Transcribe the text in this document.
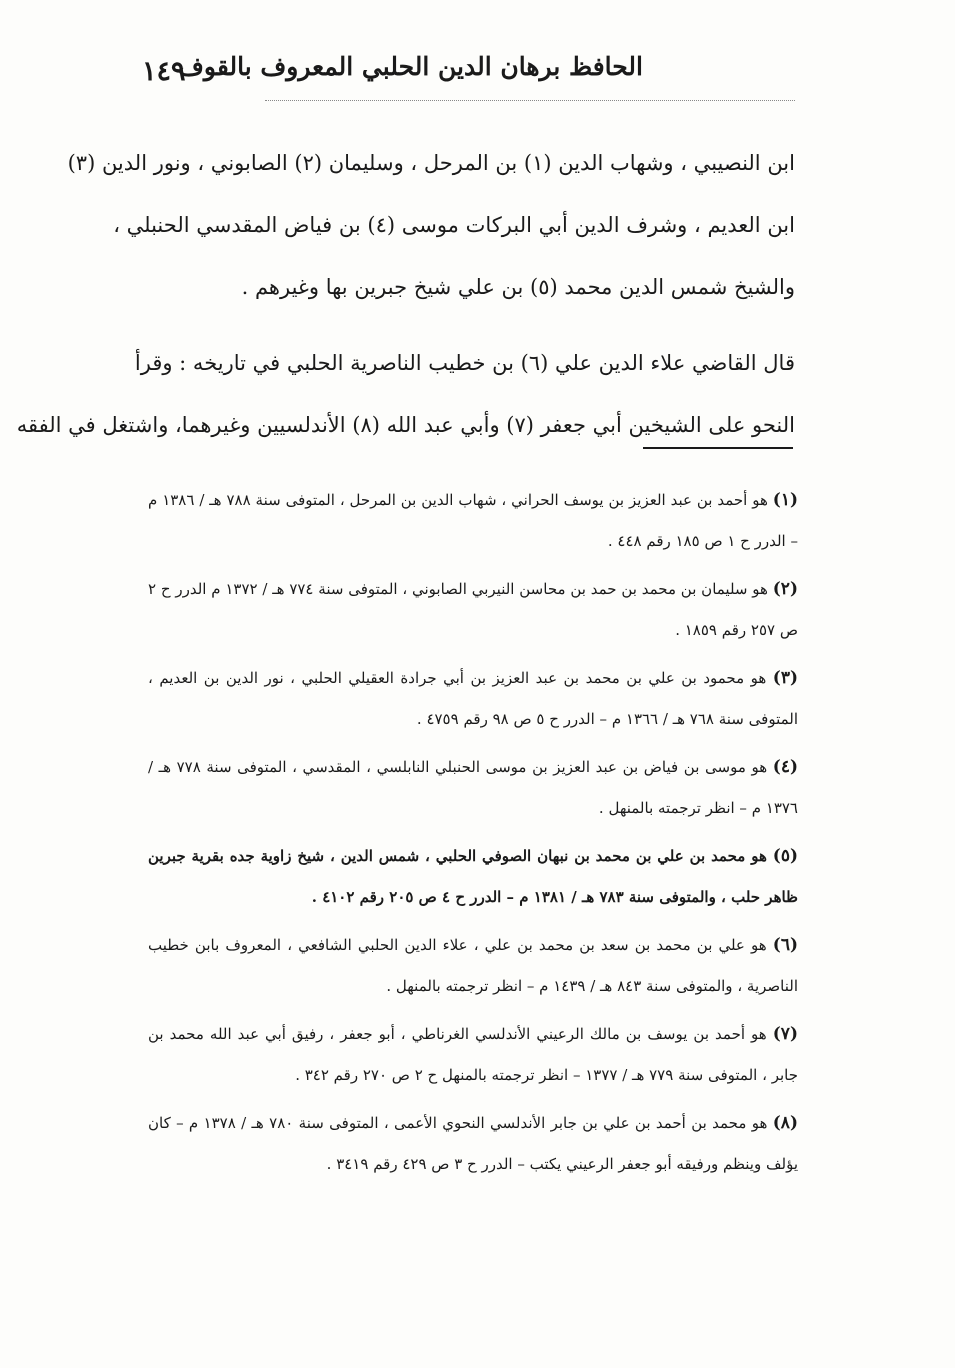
الحافظ برهان الدين الحلبي المعروف بالقوف
١٤٩
ابن النصيبي ، وشهاب الدين (١) بن المرحل ، وسليمان (٢) الصابوني ، ونور الدين (٣)
ابن العديم ، وشرف الدين أبي البركات موسى (٤) بن فياض المقدسي الحنبلي ،
والشيخ شمس الدين محمد (٥) بن علي شيخ جبرين بها وغيرهم .
قال القاضي علاء الدين علي (٦) بن خطيب الناصرية الحلبي في تاريخه : وقرأ
النحو على الشيخين أبي جعفر (٧) وأبي عبد الله (٨) الأندلسيين وغيرهما، واشتغل في الفقه
(١) هو أحمد بن عبد العزيز بن يوسف الحراني ، شهاب الدين بن المرحل ، المتوفى سنة ٧٨٨ هـ / ١٣٨٦ م – الدرر ح ١ ص ١٨٥ رقم ٤٤٨ .
(٢) هو سليمان بن محمد بن حمد بن محاسن النيربي الصابوني ، المتوفى سنة ٧٧٤ هـ / ١٣٧٢ م الدرر ح ٢ ص ٢٥٧ رقم ١٨٥٩ .
(٣) هو محمود بن علي بن محمد بن عبد العزيز بن أبي جرادة العقيلي الحلبي ، نور الدين بن العديم ، المتوفى سنة ٧٦٨ هـ / ١٣٦٦ م – الدرر ح ٥ ص ٩٨ رقم ٤٧٥٩ .
(٤) هو موسى بن فياض بن عبد العزيز بن موسى الحنبلي النابلسي ، المقدسي ، المتوفى سنة ٧٧٨ هـ / ١٣٧٦ م – انظر ترجمته بالمنهل .
(٥) هو محمد بن علي بن محمد بن نبهان الصوفي الحلبي ، شمس الدين ، شيخ زاوية جده بقرية جبرين ظاهر حلب ، والمتوفى سنة ٧٨٣ هـ / ١٣٨١ م – الدرر ح ٤ ص ٢٠٥ رقم ٤١٠٢ .
(٦) هو علي بن محمد بن سعد بن محمد بن علي ، علاء الدين الحلبي الشافعي ، المعروف بابن خطيب الناصرية ، والمتوفى سنة ٨٤٣ هـ / ١٤٣٩ م – انظر ترجمته بالمنهل .
(٧) هو أحمد بن يوسف بن مالك الرعيني الأندلسي الغرناطي ، أبو جعفر ، رفيق أبي عبد الله محمد بن جابر ، المتوفى سنة ٧٧٩ هـ / ١٣٧٧ – انظر ترجمته بالمنهل ح ٢ ص ٢٧٠ رقم ٣٤٢ .
(٨) هو محمد بن أحمد بن علي بن جابر الأندلسي النحوي الأعمى ، المتوفى سنة ٧٨٠ هـ / ١٣٧٨ م – كان يؤلف وينظم ورفيقه أبو جعفر الرعيني يكتب – الدرر ح ٣ ص ٤٢٩ رقم ٣٤١٩ .
